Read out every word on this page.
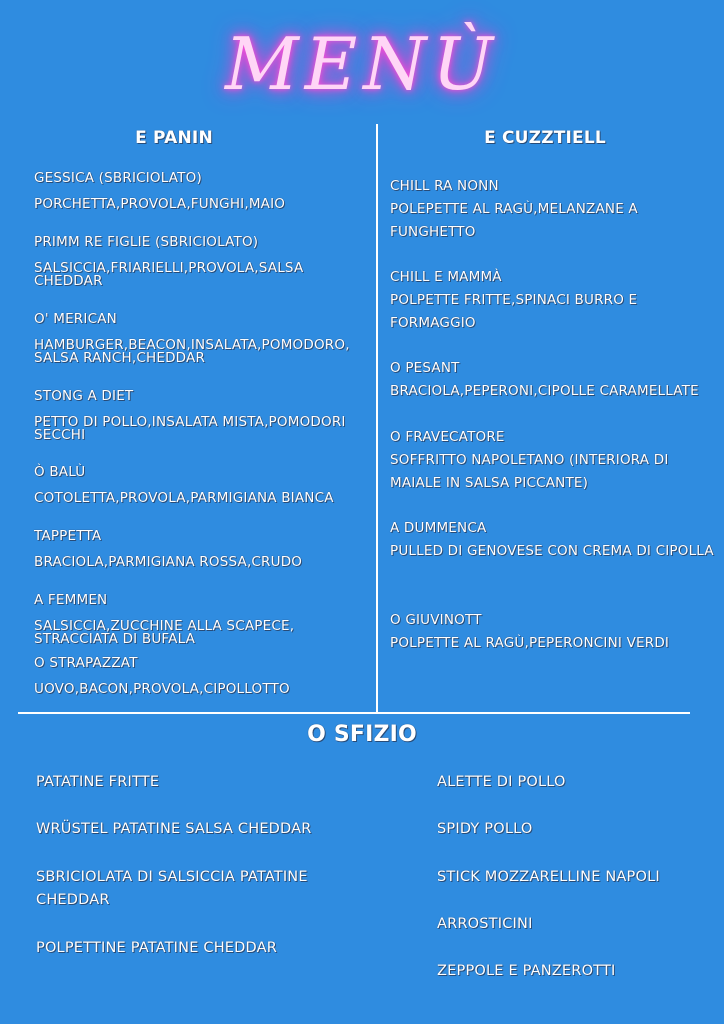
MENÙ
E PANIN	E CUZZTIELL
GESSICA (SBRICIOLATO)
PORCHETTA,PROVOLA,FUNGHI,MAIO
PRIMM RE FIGLIE (SBRICIOLATO)
SALSICCIA,FRIARIELLI,PROVOLA,SALSA CHEDDAR
O' MERICAN
HAMBURGER,BEACON,INSALATA,POMODORO, SALSA RANCH,CHEDDAR
STONG A DIET
PETTO DI POLLO,INSALATA MISTA,POMODORI SECCHI
Ò BALÙ
COTOLETTA,PROVOLA,PARMIGIANA BIANCA
TAPPETTA
BRACIOLA,PARMIGIANA ROSSA,CRUDO
A FEMMEN
SALSICCIA,ZUCCHINE ALLA SCAPECE, STRACCIATA DI BUFALA
O STRAPAZZAT
UOVO,BACON,PROVOLA,CIPOLLOTTO
CHILL RA NONN
POLEPETTE AL RAGÙ,MELANZANE A FUNGHETTO
CHILL E MAMMÀ
POLPETTE FRITTE,SPINACI BURRO E FORMAGGIO
O PESANT
BRACIOLA,PEPERONI,CIPOLLE CARAMELLATE
O FRAVECATORE
SOFFRITTO NAPOLETANO (INTERIORA DI MAIALE IN SALSA PICCANTE)
A DUMMENCA
PULLED DI GENOVESE CON CREMA DI CIPOLLA
O GIUVINOTT
POLPETTE AL RAGÙ,PEPERONCINI VERDI
O SFIZIO
PATATINE FRITTE
WRÜSTEL PATATINE SALSA CHEDDAR
SBRICIOLATA DI SALSICCIA PATATINE CHEDDAR
POLPETTINE PATATINE CHEDDAR
ALETTE DI POLLO
SPIDY POLLO
STICK MOZZARELLINE NAPOLI
ARROSTICINI
ZEPPOLE E PANZEROTTI
